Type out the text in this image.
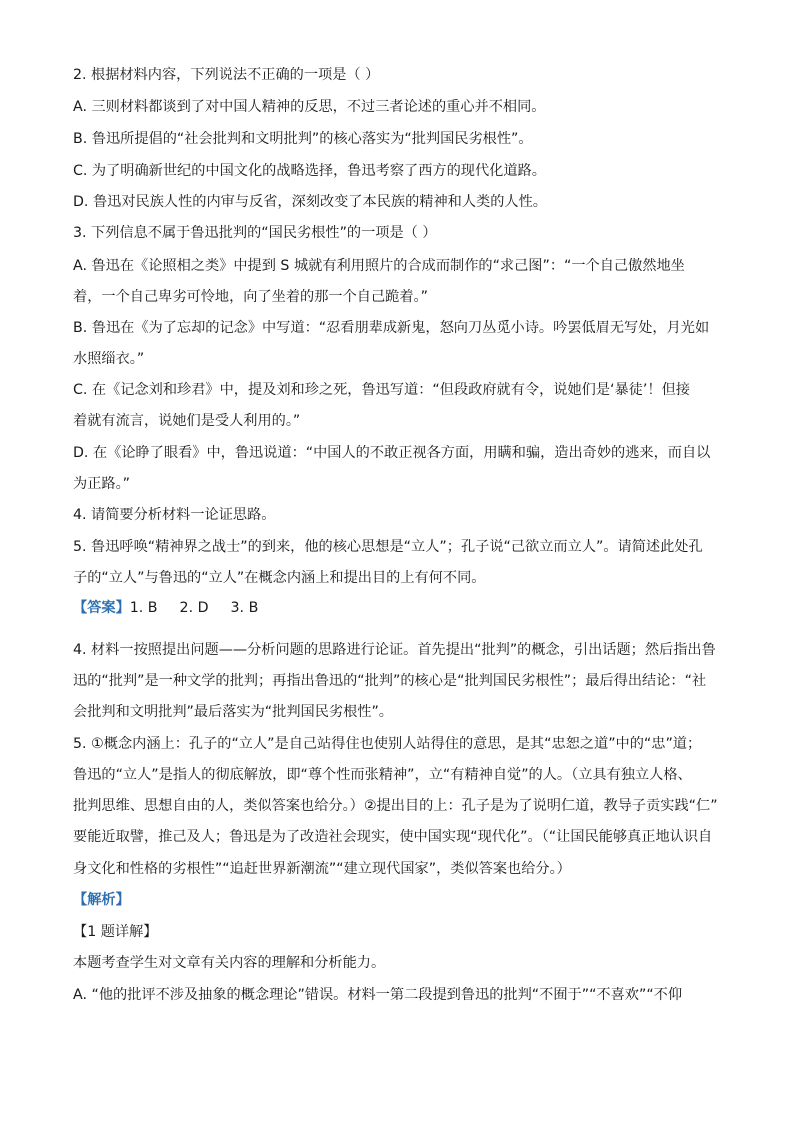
2. 根据材料内容，下列说法不正确的一项是（ ）
A. 三则材料都谈到了对中国人精神的反思，不过三者论述的重心并不相同。
B. 鲁迅所提倡的“社会批判和文明批判”的核心落实为“批判国民劣根性”。
C. 为了明确新世纪的中国文化的战略选择，鲁迅考察了西方的现代化道路。
D. 鲁迅对民族人性的内审与反省，深刻改变了本民族的精神和人类的人性。
3. 下列信息不属于鲁迅批判的“国民劣根性”的一项是（ ）
A. 鲁迅在《论照相之类》中提到 S 城就有利用照片的合成而制作的“求己图”：“一个自己傲然地坐
着，一个自己卑劣可怜地，向了坐着的那一个自己跪着。”
B. 鲁迅在《为了忘却的记念》中写道：“忍看朋辈成新鬼，怒向刀丛觅小诗。吟罢低眉无写处，月光如
水照缁衣。”
C. 在《记念刘和珍君》中，提及刘和珍之死，鲁迅写道：“但段政府就有令，说她们是‘暴徒’！但接
着就有流言，说她们是受人利用的。”
D. 在《论睁了眼看》中，鲁迅说道：“中国人的不敢正视各方面，用瞒和骗，造出奇妙的逃来，而自以
为正路。”
4. 请简要分析材料一论证思路。
5. 鲁迅呼唤“精神界之战士”的到来，他的核心思想是“立人”；孔子说“己欲立而立人”。请简述此处孔
子的“立人”与鲁迅的“立人”在概念内涵上和提出目的上有何不同。
【答案】1. B 2. D 3. B
4. 材料一按照提出问题——分析问题的思路进行论证。首先提出“批判”的概念，引出话题；然后指出鲁
迅的“批判”是一种文学的批判；再指出鲁迅的“批判”的核心是“批判国民劣根性”；最后得出结论：“社
会批判和文明批判”最后落实为“批判国民劣根性”。
5. ①概念内涵上：孔子的“立人”是自己站得住也使别人站得住的意思，是其“忠恕之道”中的“忠”道；
鲁迅的“立人”是指人的彻底解放，即“尊个性而张精神”，立“有精神自觉”的人。（立具有独立人格、
批判思维、思想自由的人，类似答案也给分。）②提出目的上：孔子是为了说明仁道，教导子贡实践“仁”
要能近取譬，推己及人；鲁迅是为了改造社会现实，使中国实现“现代化”。（“让国民能够真正地认识自
身文化和性格的劣根性”“追赶世界新潮流”“建立现代国家”，类似答案也给分。）
【解析】
【1 题详解】
本题考查学生对文章有关内容的理解和分析能力。
A. “他的批评不涉及抽象的概念理论”错误。材料一第二段提到鲁迅的批判“不囿于”“不喜欢”“不仰
